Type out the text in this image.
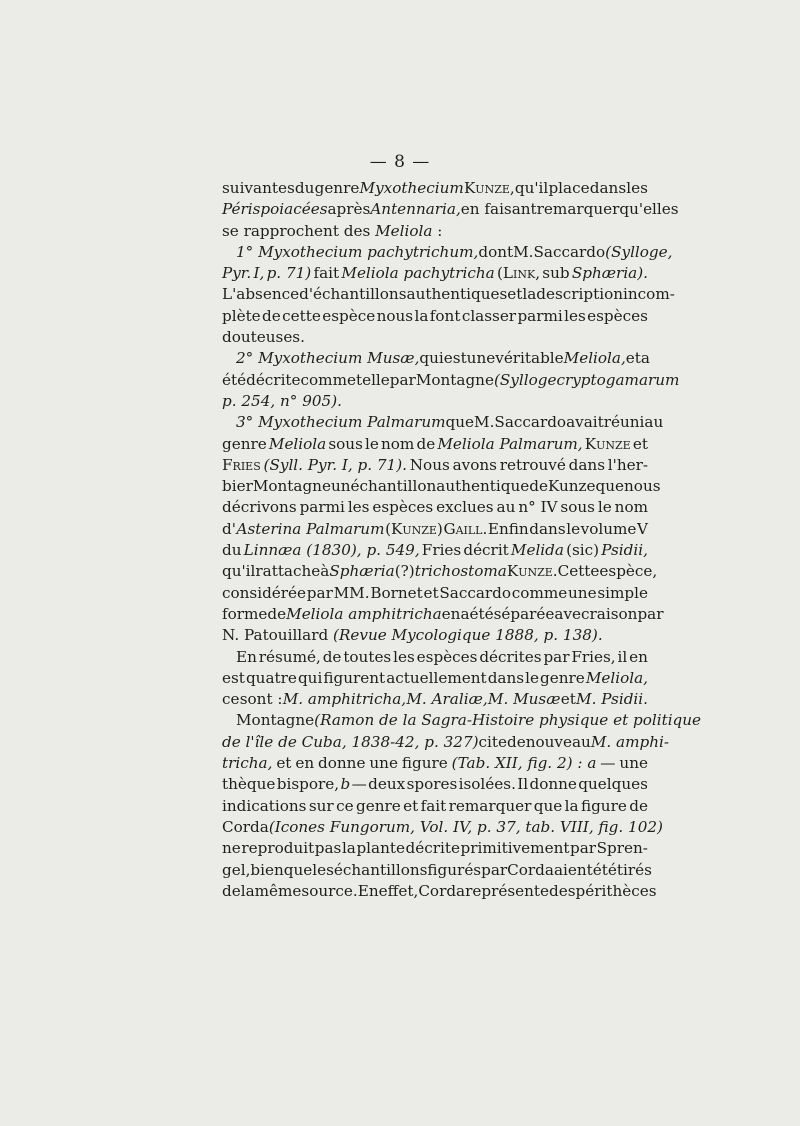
— 8 —
suivantes du genre Myxothecium Kunze, qu'il place dans les
Périspoiacées après Antennaria, en faisant remarquer qu'elles
se rapprochent des Meliola :
1° Myxothecium pachytrichum, dont M. Saccardo (Sylloge,
Pyr. I, p. 71) fait Meliola pachytricha (Link, sub Sphæria).
L'absence d'échantillons authentiques et la description incom-
plète de cette espèce nous la font classer parmi les espèces
douteuses.
2° Myxothecium Musæ, qui est une véritable Meliola, et a
été décrite comme telle par Montagne (Sylloge cryptogamarum
p. 254, n° 905).
3° Myxothecium Palmarum que M. Saccardo avait réuni au
genre Meliola sous le nom de Meliola Palmarum, Kunze et
Fries (Syll. Pyr. I, p. 71). Nous avons retrouvé dans l'her-
bier Montagne un échantillon authentique de Kunze que nous
décrivons parmi les espèces exclues au n° IV sous le nom
d' Asterina Palmarum (Kunze) Gaill. Enfin dans le volume V
du Linnæa (1830), p. 549, Fries décrit Melida (sic) Psidii,
qu'il rattache à Sphæria (?) trichostoma Kunze. Cette espèce,
considérée par MM. Bornet et Saccardo comme une simple
forme de Meliola amphitricha en a été séparée avec raison par
N. Patouillard (Revue Mycologique 1888, p. 138).
En résumé, de toutes les espèces décrites par Fries, il en
est quatre qui figurent actuellement dans le genre Meliola,
ce sont : M. amphitricha, M. Araliæ, M. Musæ et M. Psidii.
Montagne (Ramon de la Sagra-Histoire physique et politique
de l'île de Cuba, 1838-42, p. 327) cite de nouveau M. amphi-
tricha, et en donne une figure (Tab. XII, fig. 2) : a — une
thèque bispore, b — deux spores isolées. Il donne quelques
indications sur ce genre et fait remarquer que la figure de
Corda (Icones Fungorum, Vol. IV, p. 37, tab. VIII, fig. 102)
ne reproduit pas la plante décrite primitivement par Spren-
gel, bien que les échantillons figurés par Corda aient été tirés
de la même source. En effet, Corda représente des périthèces
